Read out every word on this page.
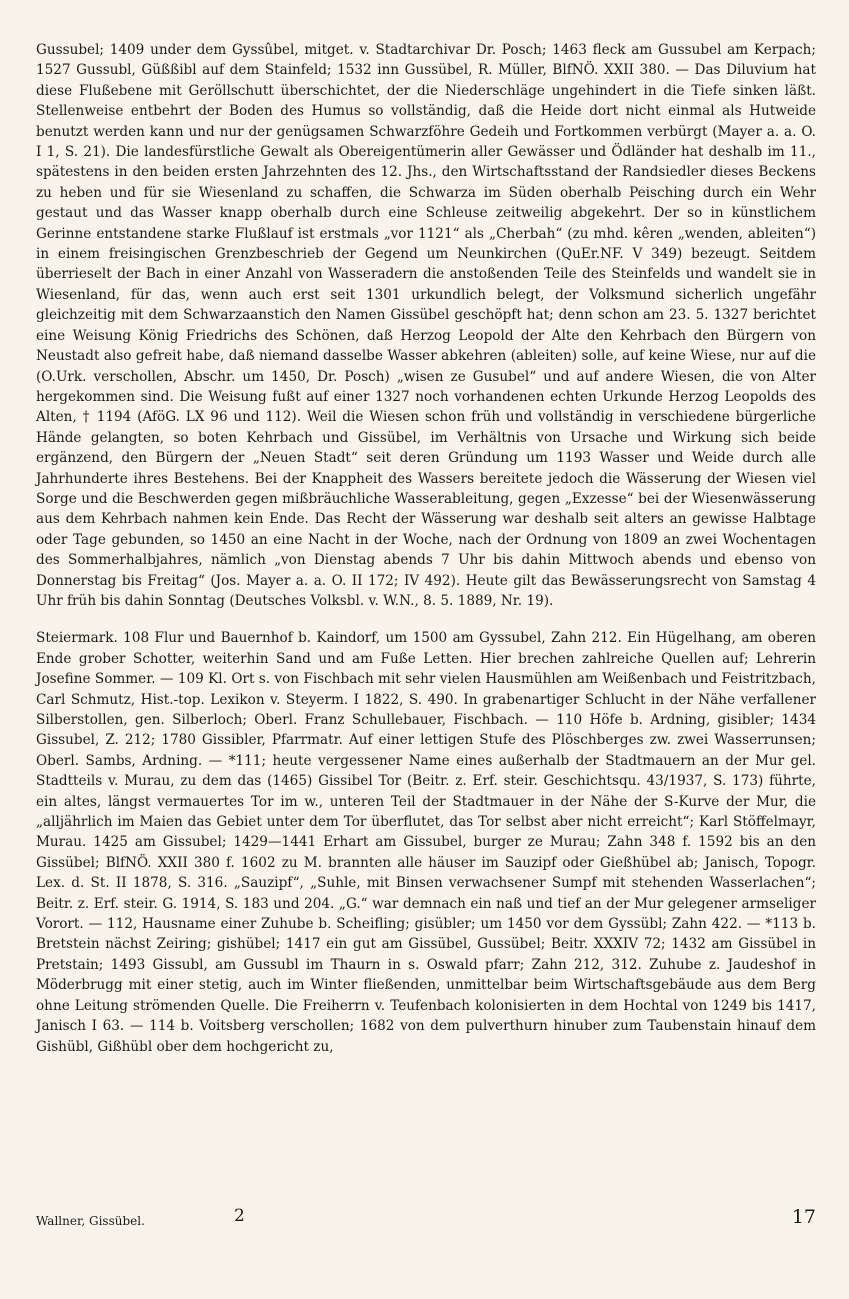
Gussubel; 1409 under dem Gyssûbel, mitget. v. Stadtarchivar Dr. Posch; 1463 fleck am Gussubel am Kerpach; 1527 Gussubl, Güßßibl auf dem Stainfeld; 1532 inn Gussübel, R. Müller, BlfNÖ. XXII 380. — Das Diluvium hat diese Flußebene mit Geröllschutt überschichtet, der die Niederschläge ungehindert in die Tiefe sinken läßt. Stellenweise entbehrt der Boden des Humus so vollständig, daß die Heide dort nicht einmal als Hutweide benutzt werden kann und nur der genügsamen Schwarzföhre Gedeih und Fortkommen verbürgt (Mayer a. a. O. I 1, S. 21). Die landesfürstliche Gewalt als Obereigentümerin aller Gewässer und Ödländer hat deshalb im 11., spätestens in den beiden ersten Jahrzehnten des 12. Jhs., den Wirtschaftsstand der Randsiedler dieses Beckens zu heben und für sie Wiesenland zu schaffen, die Schwarza im Süden oberhalb Peisching durch ein Wehr gestaut und das Wasser knapp oberhalb durch eine Schleuse zeitweilig abgekehrt. Der so in künstlichem Gerinne entstandene starke Flußlauf ist erstmals „vor 1121“ als „Cherbah“ (zu mhd. kêren „wenden, ableiten“) in einem freisingischen Grenzbeschrieb der Gegend um Neunkirchen (QuEr.NF. V 349) bezeugt. Seitdem überrieselt der Bach in einer Anzahl von Wasseradern die anstoßenden Teile des Steinfelds und wandelt sie in Wiesenland, für das, wenn auch erst seit 1301 urkundlich belegt, der Volksmund sicherlich ungefähr gleichzeitig mit dem Schwarzaanstich den Namen Gissübel geschöpft hat; denn schon am 23. 5. 1327 berichtet eine Weisung König Friedrichs des Schönen, daß Herzog Leopold der Alte den Kehrbach den Bürgern von Neustadt also gefreit habe, daß niemand dasselbe Wasser abkehren (ableiten) solle, auf keine Wiese, nur auf die (O.Urk. verschollen, Abschr. um 1450, Dr. Posch) „wisen ze Gusubel“ und auf andere Wiesen, die von Alter hergekommen sind. Die Weisung fußt auf einer 1327 noch vorhandenen echten Urkunde Herzog Leopolds des Alten, † 1194 (AföG. LX 96 und 112). Weil die Wiesen schon früh und vollständig in verschiedene bürgerliche Hände gelangten, so boten Kehrbach und Gissübel, im Verhältnis von Ursache und Wirkung sich beide ergänzend, den Bürgern der „Neuen Stadt“ seit deren Gründung um 1193 Wasser und Weide durch alle Jahrhunderte ihres Bestehens. Bei der Knappheit des Wassers bereitete jedoch die Wässerung der Wiesen viel Sorge und die Beschwerden gegen mißbräuchliche Wasserableitung, gegen „Exzesse“ bei der Wiesenwässerung aus dem Kehrbach nahmen kein Ende. Das Recht der Wässerung war deshalb seit alters an gewisse Halbtage oder Tage gebunden, so 1450 an eine Nacht in der Woche, nach der Ordnung von 1809 an zwei Wochentagen des Sommerhalbjahres, nämlich „von Dienstag abends 7 Uhr bis dahin Mittwoch abends und ebenso von Donnerstag bis Freitag“ (Jos. Mayer a. a. O. II 172; IV 492). Heute gilt das Bewässerungsrecht von Samstag 4 Uhr früh bis dahin Sonntag (Deutsches Volksbl. v. W.N., 8. 5. 1889, Nr. 19).

Steiermark. 108 Flur und Bauernhof b. Kaindorf, um 1500 am Gyssubel, Zahn 212. Ein Hügelhang, am oberen Ende grober Schotter, weiterhin Sand und am Fuße Letten. Hier brechen zahlreiche Quellen auf; Lehrerin Josefine Sommer. — 109 Kl. Ort s. von Fischbach mit sehr vielen Hausmühlen am Weißenbach und Feistritzbach, Carl Schmutz, Hist.-top. Lexikon v. Steyerm. I 1822, S. 490. In grabenartiger Schlucht in der Nähe verfallener Silberstollen, gen. Silberloch; Oberl. Franz Schullebauer, Fischbach. — 110 Höfe b. Ardning, gisibler; 1434 Gissubel, Z. 212; 1780 Gissibler, Pfarrmatr. Auf einer lettigen Stufe des Plöschberges zw. zwei Wasserrunsen; Oberl. Sambs, Ardning. — *111; heute vergessener Name eines außerhalb der Stadtmauern an der Mur gel. Stadtteils v. Murau, zu dem das (1465) Gissibel Tor (Beitr. z. Erf. steir. Geschichtsqu. 43/1937, S. 173) führte, ein altes, längst vermauertes Tor im w., unteren Teil der Stadtmauer in der Nähe der S-Kurve der Mur, die „alljährlich im Maien das Gebiet unter dem Tor überflutet, das Tor selbst aber nicht erreicht“; Karl Stöffelmayr, Murau. 1425 am Gissubel; 1429—1441 Erhart am Gissubel, burger ze Murau; Zahn 348 f. 1592 bis an den Gissübel; BlfNÖ. XXII 380 f. 1602 zu M. brannten alle häuser im Sauzipf oder Gießhübel ab; Janisch, Topogr. Lex. d. St. II 1878, S. 316. „Sauzipf“, „Suhle, mit Binsen verwachsener Sumpf mit stehenden Wasserlachen“; Beitr. z. Erf. steir. G. 1914, S. 183 und 204. „G.“ war demnach ein naß und tief an der Mur gelegener armseliger Vorort. — 112, Hausname einer Zuhube b. Scheifling; gisübler; um 1450 vor dem Gyssübl; Zahn 422. — *113 b. Bretstein nächst Zeiring; gishübel; 1417 ein gut am Gissübel, Gussübel; Beitr. XXXIV 72; 1432 am Gissübel in Pretstain; 1493 Gissubl, am Gussubl im Thaurn in s. Oswald pfarr; Zahn 212, 312. Zuhube z. Jaudeshof in Möderbrugg mit einer stetig, auch im Winter fließenden, unmittelbar beim Wirtschaftsgebäude aus dem Berg ohne Leitung strömenden Quelle. Die Freiherrn v. Teufenbach kolonisierten in dem Hochtal von 1249 bis 1417, Janisch I 63. — 114 b. Voitsberg verschollen; 1682 von dem pulverthurn hinuber zum Taubenstain hinauf dem Gishübl, Gißhübl ober dem hochgericht zu,

Wallner, Gissübel.	2	17
